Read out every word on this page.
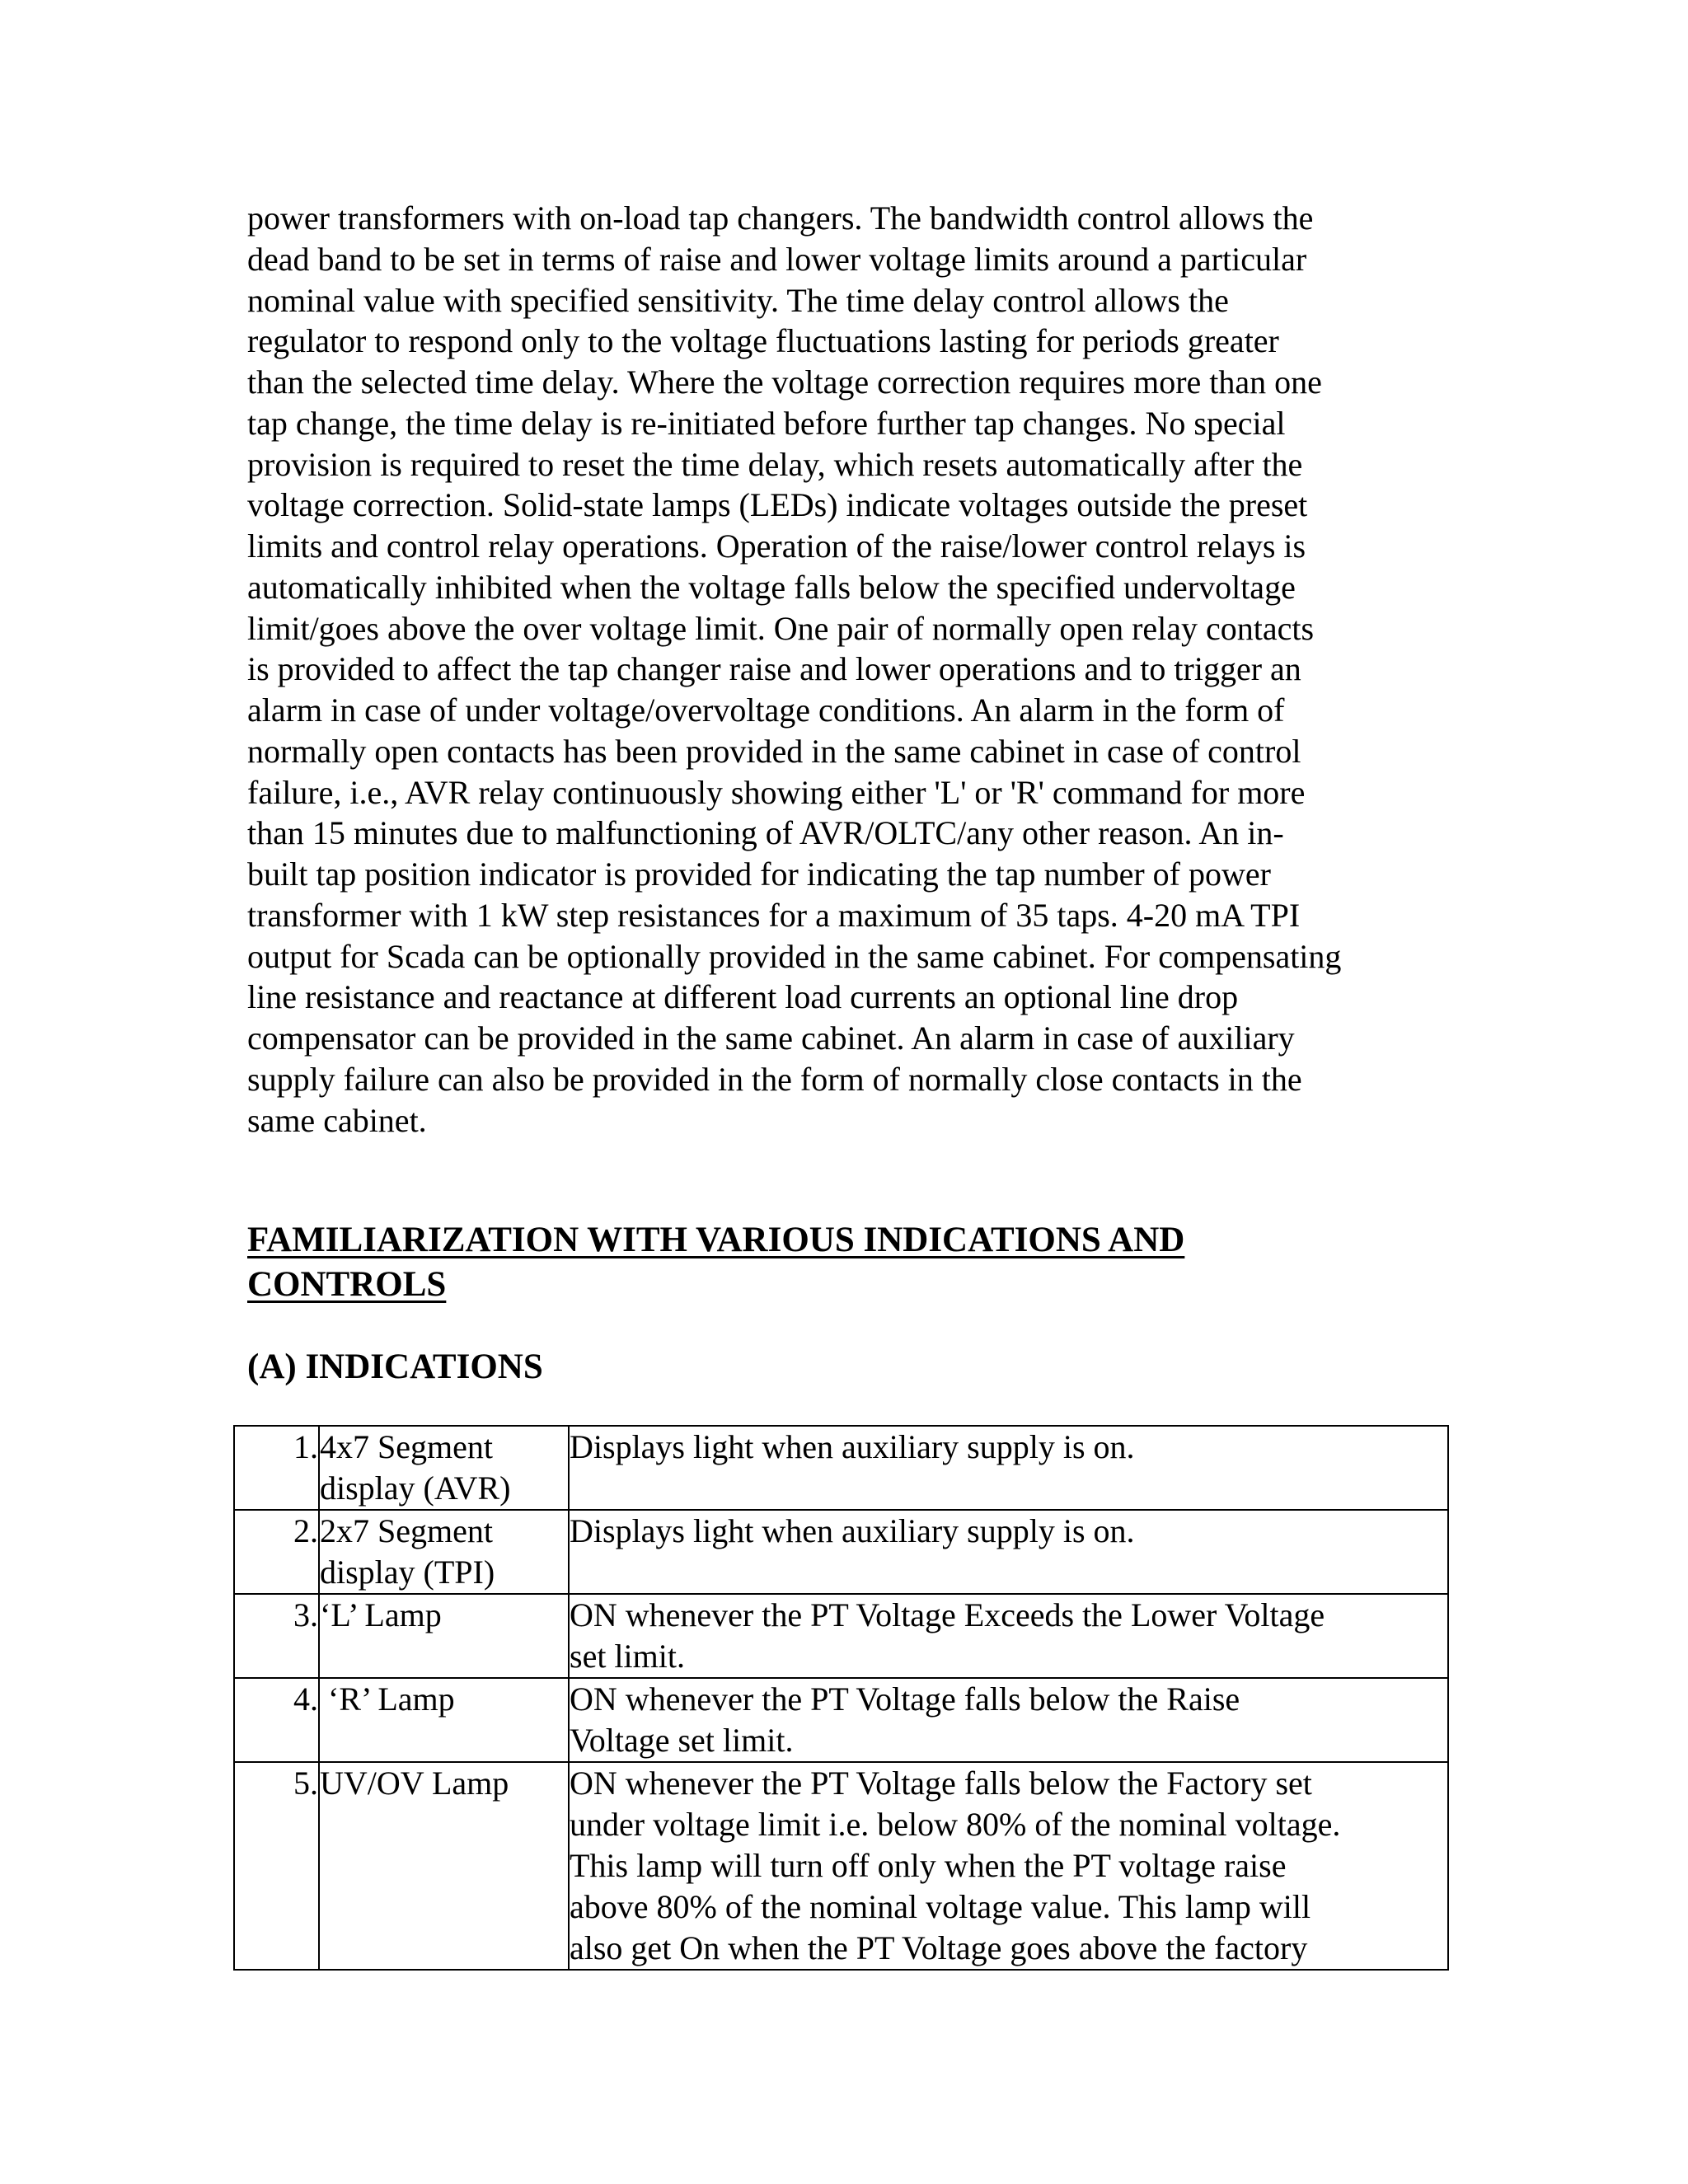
power transformers with on-load tap changers. The bandwidth control allows the
dead band to be set in terms of raise and lower voltage limits around a particular
nominal value with specified sensitivity. The time delay control allows the
regulator to respond only to the voltage fluctuations lasting for periods greater
than the selected time delay. Where the voltage correction requires more than one
tap change, the time delay is re-initiated before further tap changes. No special
provision is required to reset the time delay, which resets automatically after the
voltage correction. Solid-state lamps (LEDs) indicate voltages outside the preset
limits and control relay operations. Operation of the raise/lower control relays is
automatically inhibited when the voltage falls below the specified undervoltage
limit/goes above the over voltage limit. One pair of normally open relay contacts
is provided to affect the tap changer raise and lower operations and to trigger an
alarm in case of under voltage/overvoltage conditions. An alarm in the form of
normally open contacts has been provided in the same cabinet in case of control
failure, i.e., AVR relay continuously showing either 'L' or 'R' command for more
than 15 minutes due to malfunctioning of AVR/OLTC/any other reason. An in-
built tap position indicator is provided for indicating the tap number of power
transformer with 1 kW step resistances for a maximum of 35 taps. 4-20 mA TPI
output for Scada can be optionally provided in the same cabinet. For compensating
line resistance and reactance at different load currents an optional line drop
compensator can be provided in the same cabinet. An alarm in case of auxiliary
supply failure can also be provided in the form of normally close contacts in the
same cabinet.

FAMILIARIZATION WITH VARIOUS INDICATIONS AND
CONTROLS
(A) INDICATIONS
1.	4x7 Segment
display (AVR)	Displays light when auxiliary supply is on.

2.	2x7 Segment
display (TPI)	Displays light when auxiliary supply is on.

3.	‘L’ Lamp	ON whenever the PT Voltage Exceeds the Lower Voltage
set limit.

4.	‘R’ Lamp	ON whenever the PT Voltage falls below the Raise
Voltage set limit.

5.	UV/OV Lamp	ON whenever the PT Voltage falls below the Factory set
under voltage limit i.e. below 80% of the nominal voltage.
This lamp will turn off only when the PT voltage raise
above 80% of the nominal voltage value. This lamp will
also get On when the PT Voltage goes above the factory
